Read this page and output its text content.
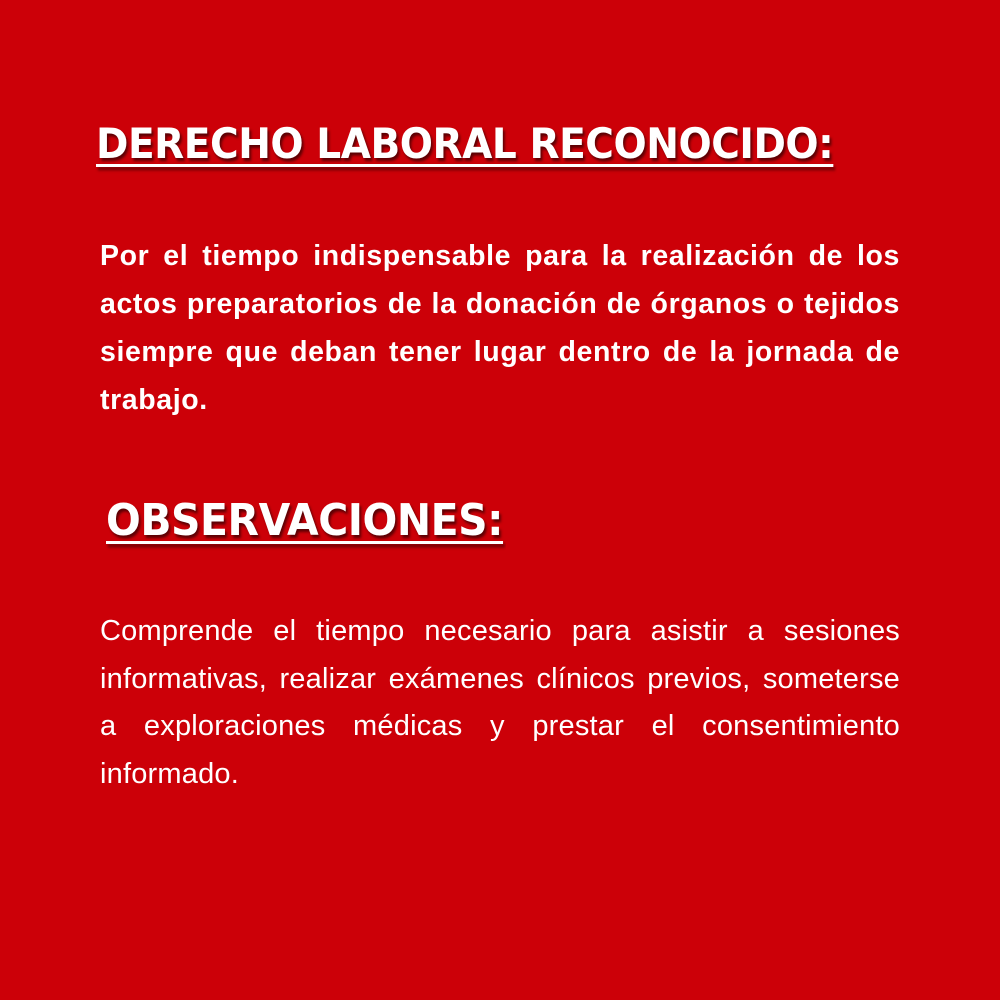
DERECHO LABORAL RECONOCIDO:

Por el tiempo indispensable para la realización de los actos preparatorios de la donación de órganos o tejidos siempre que deban tener lugar dentro de la jornada de trabajo.

OBSERVACIONES:

Comprende el tiempo necesario para asistir a sesiones informativas, realizar exámenes clínicos previos, someterse a exploraciones médicas y prestar el consentimiento informado.
